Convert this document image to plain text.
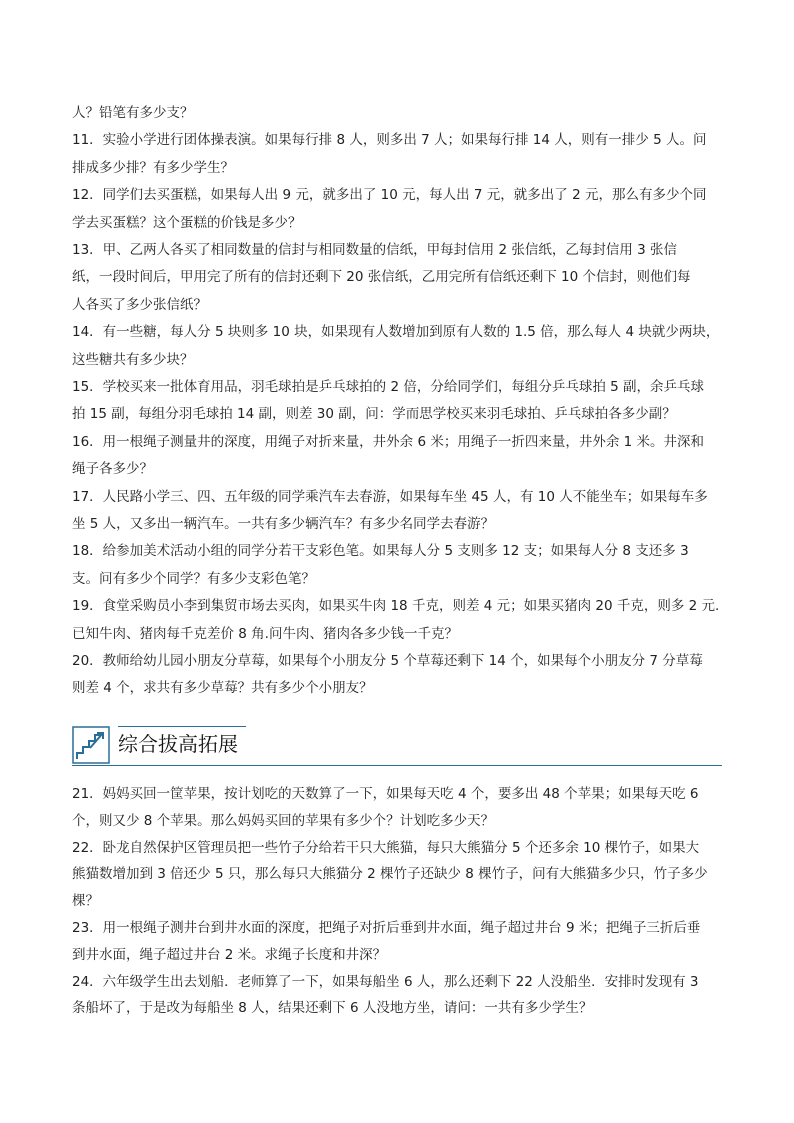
人？铅笔有多少支？
11．实验小学进行团体操表演。如果每行排 8 人，则多出 7 人；如果每行排 14 人，则有一排少 5 人。问
排成多少排？有多少学生？
12．同学们去买蛋糕，如果每人出 9 元，就多出了 10 元，每人出 7 元，就多出了 2 元，那么有多少个同
学去买蛋糕？这个蛋糕的价钱是多少？
13．甲、乙两人各买了相同数量的信封与相同数量的信纸，甲每封信用 2 张信纸，乙每封信用 3 张信
纸，一段时间后，甲用完了所有的信封还剩下 20 张信纸，乙用完所有信纸还剩下 10 个信封，则他们每
人各买了多少张信纸？
14．有一些糖，每人分 5 块则多 10 块，如果现有人数增加到原有人数的 1.5 倍，那么每人 4 块就少两块，
这些糖共有多少块？
15．学校买来一批体育用品，羽毛球拍是乒乓球拍的 2 倍，分给同学们，每组分乒乓球拍 5 副，余乒乓球
拍 15 副，每组分羽毛球拍 14 副，则差 30 副，问：学而思学校买来羽毛球拍、乒乓球拍各多少副？
16．用一根绳子测量井的深度，用绳子对折来量，井外余 6 米；用绳子一折四来量，井外余 1 米。井深和
绳子各多少？
17．人民路小学三、四、五年级的同学乘汽车去春游，如果每车坐 45 人，有 10 人不能坐车；如果每车多
坐 5 人，又多出一辆汽车。一共有多少辆汽车？有多少名同学去春游？
18．给参加美术活动小组的同学分若干支彩色笔。如果每人分 5 支则多 12 支；如果每人分 8 支还多 3
支。问有多少个同学？有多少支彩色笔？
19．食堂采购员小李到集贸市场去买肉，如果买牛肉 18 千克，则差 4 元；如果买猪肉 20 千克，则多 2 元.
已知牛肉、猪肉每千克差价 8 角.问牛肉、猪肉各多少钱一千克？
20．教师给幼儿园小朋友分草莓，如果每个小朋友分 5 个草莓还剩下 14 个，如果每个小朋友分 7 分草莓
则差 4 个，求共有多少草莓？共有多少个小朋友？
综合拔高拓展
21．妈妈买回一筐苹果，按计划吃的天数算了一下，如果每天吃 4 个，要多出 48 个苹果；如果每天吃 6
个，则又少 8 个苹果。那么妈妈买回的苹果有多少个？计划吃多少天？
22．卧龙自然保护区管理员把一些竹子分给若干只大熊猫，每只大熊猫分 5 个还多余 10 棵竹子，如果大
熊猫数增加到 3 倍还少 5 只，那么每只大熊猫分 2 棵竹子还缺少 8 棵竹子，问有大熊猫多少只，竹子多少
棵？
23．用一根绳子测井台到井水面的深度，把绳子对折后垂到井水面，绳子超过井台 9 米；把绳子三折后垂
到井水面，绳子超过井台 2 米。求绳子长度和井深？
24．六年级学生出去划船．老师算了一下，如果每船坐 6 人，那么还剩下 22 人没船坐．安排时发现有 3
条船坏了，于是改为每船坐 8 人，结果还剩下 6 人没地方坐，请问：一共有多少学生？
